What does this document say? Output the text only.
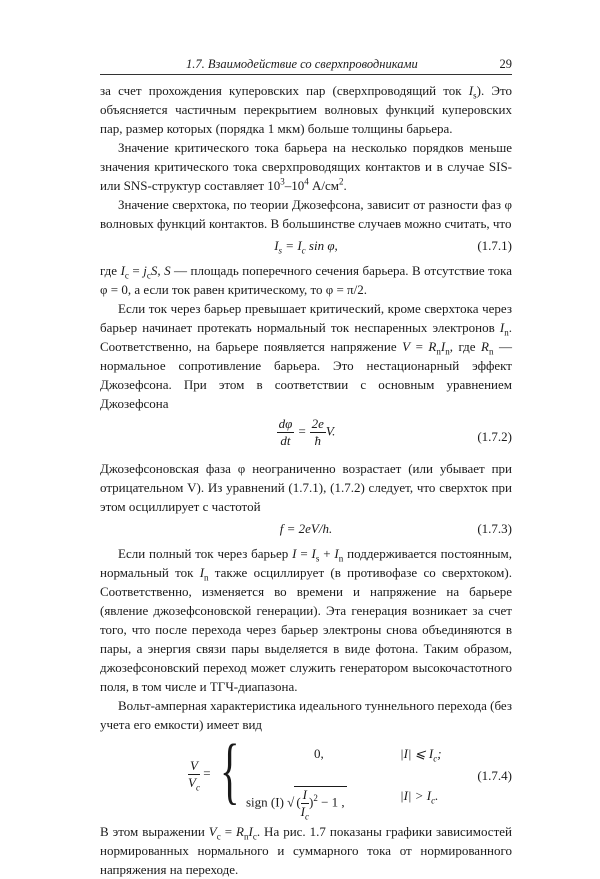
1.7. Взаимодействие со сверхпроводниками	29

за счет прохождения куперовских пар (сверхпроводящий ток $I_s$). Это объясняется частичным перекрытием волновых функций куперовских пар, размер которых (порядка 1 мкм) больше толщины барьера.

Значение критического тока барьера на несколько порядков меньше значения критического тока сверхпроводящих контактов и в случае SIS- или SNS-структур составляет $10^3-10^4$ $А/см^2$.

Значение сверхтока, по теории Джозефсона, зависит от разности фаз φ волновых функций контактов. В большинстве случаев можно считать, что

$I_s = I_c$ sin φ,	(1.7.1)

где $I_c = j_cS$, S — площадь поперечного сечения барьера. В отсутствие тока φ = 0, а если ток равен критическому, то φ = π/2.

Если ток через барьер превышает критический, кроме сверхтока через барьер начинает протекать нормальный ток неспаренных электронов $I_n$. Соответственно, на барьере появляется напряжение $V = R_nI_n$, где $R_n$ — нормальное сопротивление барьера. Это нестационарный эффект Джозефсона. При этом в соответствии с основным уравнением Джозефсона

$\frac{d\varphi}{dt} = \frac{2e}{ħ} V$.	(1.7.2)

Джозефсоновская фаза φ неограниченно возрастает (или убывает при отрицательном V). Из уравнений (1.7.1), (1.7.2) следует, что сверхток при этом осциллирует с частотой

f = 2eV/h.	(1.7.3)

Если полный ток через барьер $I = I_s + I_n$ поддерживается постоянным, нормальный ток $I_n$ также осциллирует (в противофазе со сверхтоком). Соответственно, изменяется во времени и напряжение на барьере (явление джозефсоновской генерации). Эта генерация возникает за счет того, что после перехода через барьер электроны снова объединяются в пары, а энергия связи пары выделяется в виде фотона. Таким образом, джозефсоновский переход может служить генератором высокочастотного поля, в том числе и ТГЧ-диапазона.

Вольт-амперная характеристика идеального туннельного перехода (без учета его емкости) имеет вид

$\frac{V}{V_c}$ = {	0,	|I| ⩽ $I_c$;
sign (I) √ ( $\frac{I}{I_c} )^2 - 1$ ,	$|I| > I_c$.
(1.7.4)

В этом выражении $V_c = R_nI_c$. На рис. 1.7 показаны графики зависимостей нормированных нормального и суммарного тока от нормированного напряжения на переходе.
